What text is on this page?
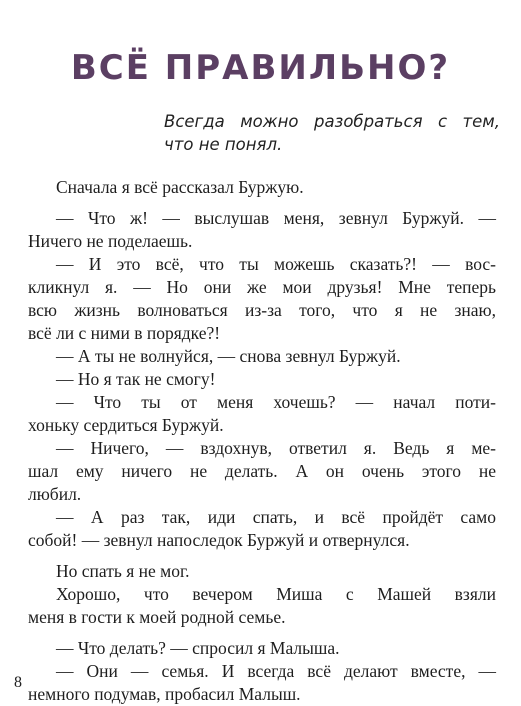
ВСЁ ПРАВИЛЬНО?
Всегда можно разобраться с тем,
что не понял.
Сначала я всё рассказал Буржую.
— Что ж! — выслушав меня, зевнул Буржуй. —
Ничего не поделаешь.
— И это всё, что ты можешь сказать?! — вос-
кликнул я. — Но они же мои друзья! Мне теперь
всю жизнь волноваться из-за того, что я не знаю,
всё ли с ними в порядке?!
— А ты не волнуйся, — снова зевнул Буржуй.
— Но я так не смогу!
— Что ты от меня хочешь? — начал поти-
хоньку сердиться Буржуй.
— Ничего, — вздохнув, ответил я. Ведь я ме-
шал ему ничего не делать. А он очень этого не
любил.
— А раз так, иди спать, и всё пройдёт само
собой! — зевнул напоследок Буржуй и отвернулся.
Но спать я не мог.
Хорошо, что вечером Миша с Машей взяли
меня в гости к моей родной семье.
— Что делать? — спросил я Малыша.
— Они — семья. И всегда всё делают вместе, —
немного подумав, пробасил Малыш.
8
